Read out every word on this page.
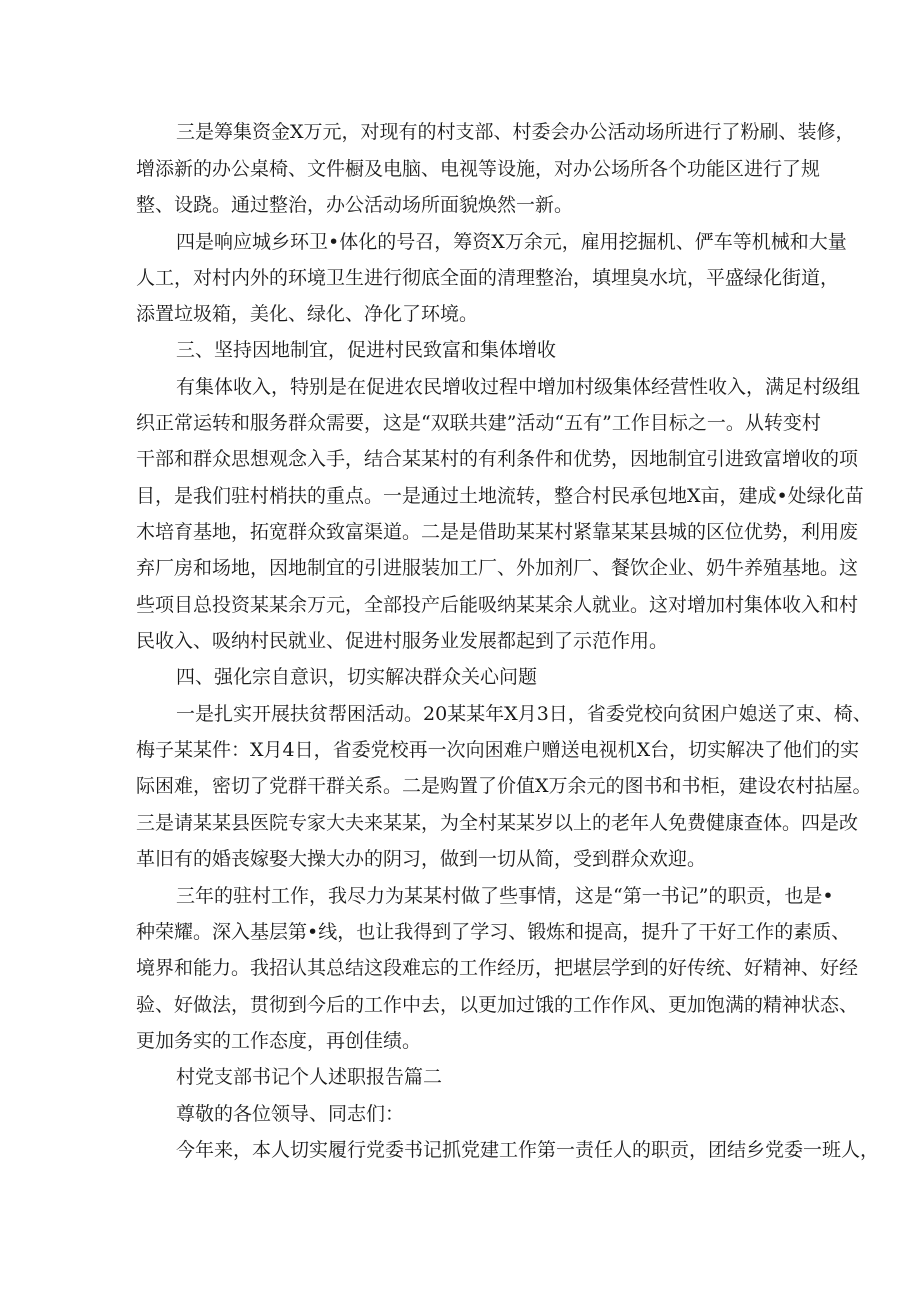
三是筹集资金X万元，对现有的村支部、村委会办公活动场所进行了粉刷、装修，
增添新的办公桌椅、文件橱及电脑、电视等设施，对办公场所各个功能区进行了规
整、设跷。通过整治，办公活动场所面貌焕然一新。
四是响应城乡环卫•体化的号召，筹资X万余元，雇用挖掘机、俨车等机械和大量
人工，对村内外的环境卫生进行彻底全面的清理整治，填埋臭水坑，平盛绿化街道，
添置垃圾箱，美化、绿化、净化了环境。
三、坚持因地制宜，促进村民致富和集体增收
有集体收入，特别是在促进农民增收过程中增加村级集体经营性收入，满足村级组
织正常运转和服务群众需要，这是“双联共建”活动“五有”工作目标之一。从转变村
干部和群众思想观念入手，结合某某村的有利条件和优势，因地制宜引进致富增收的项
目，是我们驻村梢扶的重点。一是通过土地流转，整合村民承包地X亩，建成•处绿化苗
木培育基地，拓宽群众致富渠道。二是是借助某某村紧靠某某县城的区位优势，利用废
弃厂房和场地，因地制宜的引进服装加工厂、外加剂厂、餐饮企业、奶牛养殖基地。这
些项目总投资某某余万元，全部投产后能吸纳某某余人就业。这对增加村集体收入和村
民收入、吸纳村民就业、促进村服务业发展都起到了示范作用。
四、强化宗自意识，切实解决群众关心问题
一是扎实开展扶贫帮困活动。20某某年X月3日，省委党校向贫困户媳送了束、椅、
梅子某某件：X月4日，省委党校再一次向困难户赠送电视机X台，切实解决了他们的实
际困难，密切了党群干群关系。二是购置了价值X万余元的图书和书柜，建设农村拈屋。
三是请某某县医院专家大夫来某某，为全村某某岁以上的老年人免费健康查体。四是改
革旧有的婚丧嫁娶大操大办的阴习，做到一切从简，受到群众欢迎。
三年的驻村工作，我尽力为某某村做了些事情，这是“第一书记”的职贡，也是•
种荣耀。深入基层第•线，也让我得到了学习、锻炼和提高，提升了干好工作的素质、
境界和能力。我招认其总结这段难忘的工作经历，把堪层学到的好传统、好精神、好经
验、好做法，贯彻到今后的工作中去，以更加过饿的工作作风、更加饱满的精神状态、
更加务实的工作态度，再创佳绩。
村党支部书记个人述职报告篇二
尊敬的各位领导、同志们：
今年来，本人切实履行党委书记抓党建工作第一责任人的职贡，团结乡党委一班人，
